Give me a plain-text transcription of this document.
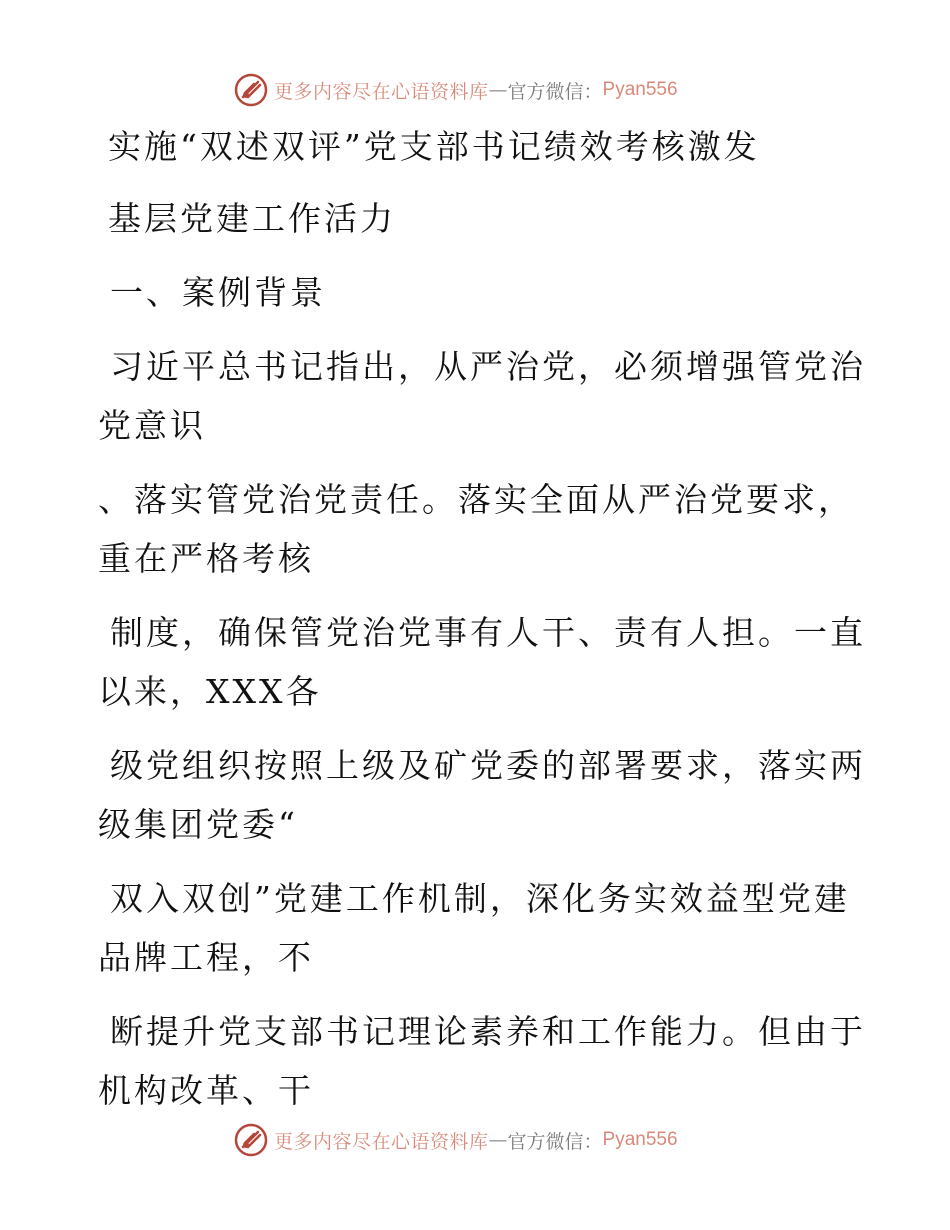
更多内容尽在心语资料库 — 官方微信： Pyan556
实施“双述双评”党支部书记绩效考核激发
基层党建工作活力
一、案例背景
习近平总书记指出，从严治党，必须增强管党治
党意识
、落实管党治党责任。落实全面从严治党要求，
重在严格考核
制度，确保管党治党事有人干、责有人担。一直
以来，XXX各
级党组织按照上级及矿党委的部署要求，落实两
级集团党委“
双入双创”党建工作机制，深化务实效益型党建
品牌工程，不
断提升党支部书记理论素养和工作能力。但由于
机构改革、干
更多内容尽在心语资料库 — 官方微信： Pyan556
